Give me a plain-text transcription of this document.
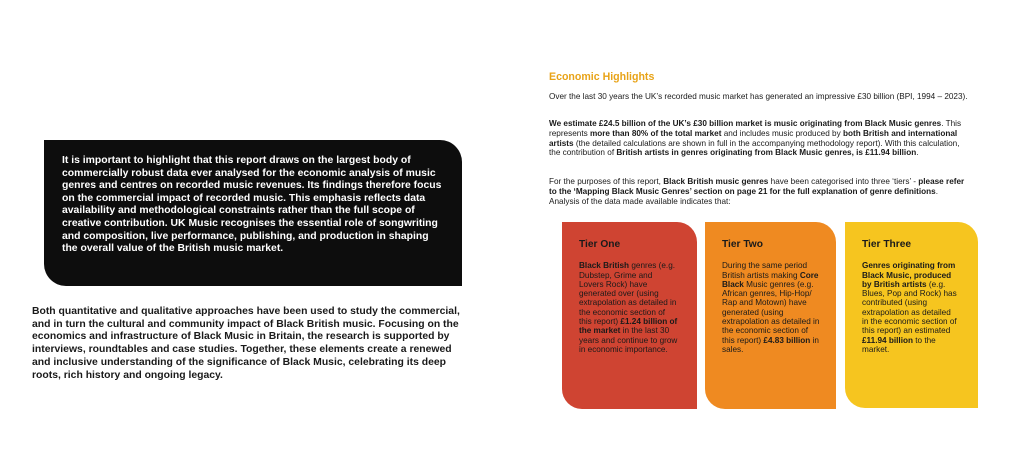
It is important to highlight that this report draws on the largest body of commercially robust data ever analysed for the economic analysis of music genres and centres on recorded music revenues. Its findings therefore focus on the commercial impact of recorded music. This emphasis reflects data availability and methodological constraints rather than the full scope of creative contribution. UK Music recognises the essential role of songwriting and composition, live performance, publishing, and production in shaping the overall value of the British music market.

Both quantitative and qualitative approaches have been used to study the commercial, and in turn the cultural and community impact of Black British music. Focusing on the economics and infrastructure of Black Music in Britain, the research is supported by interviews, roundtables and case studies. Together, these elements create a renewed and inclusive understanding of the significance of Black Music, celebrating its deep roots, rich history and ongoing legacy.

Economic Highlights

Over the last 30 years the UK’s recorded music market has generated an impressive £30 billion (BPI, 1994 – 2023).

We estimate £24.5 billion of the UK’s £30 billion market is music originating from Black Music genres. This represents more than 80% of the total market and includes music produced by both British and international artists (the detailed calculations are shown in full in the accompanying methodology report). With this calculation, the contribution of British artists in genres originating from Black Music genres, is £11.94 billion.

For the purposes of this report, Black British music genres have been categorised into three ‘tiers’ - please refer to the ‘Mapping Black Music Genres’ section on page 21 for the full explanation of genre definitions. Analysis of the data made available indicates that:

Tier One

Black British genres (e.g. Dubstep, Grime and Lovers Rock) have generated over (using extrapolation as detailed in the economic section of this report) £1.24 billion of the market in the last 30 years and continue to grow in economic importance.

Tier Two

During the same period British artists making Core Black Music genres (e.g. African genres, Hip-Hop/ Rap and Motown) have generated (using extrapolation as detailed in the economic section of this report) £4.83 billion in sales.

Tier Three

Genres originating from Black Music, produced by British artists (e.g. Blues, Pop and Rock) has contributed (using extrapolation as detailed in the economic section of this report) an estimated £11.94 billion to the market.
